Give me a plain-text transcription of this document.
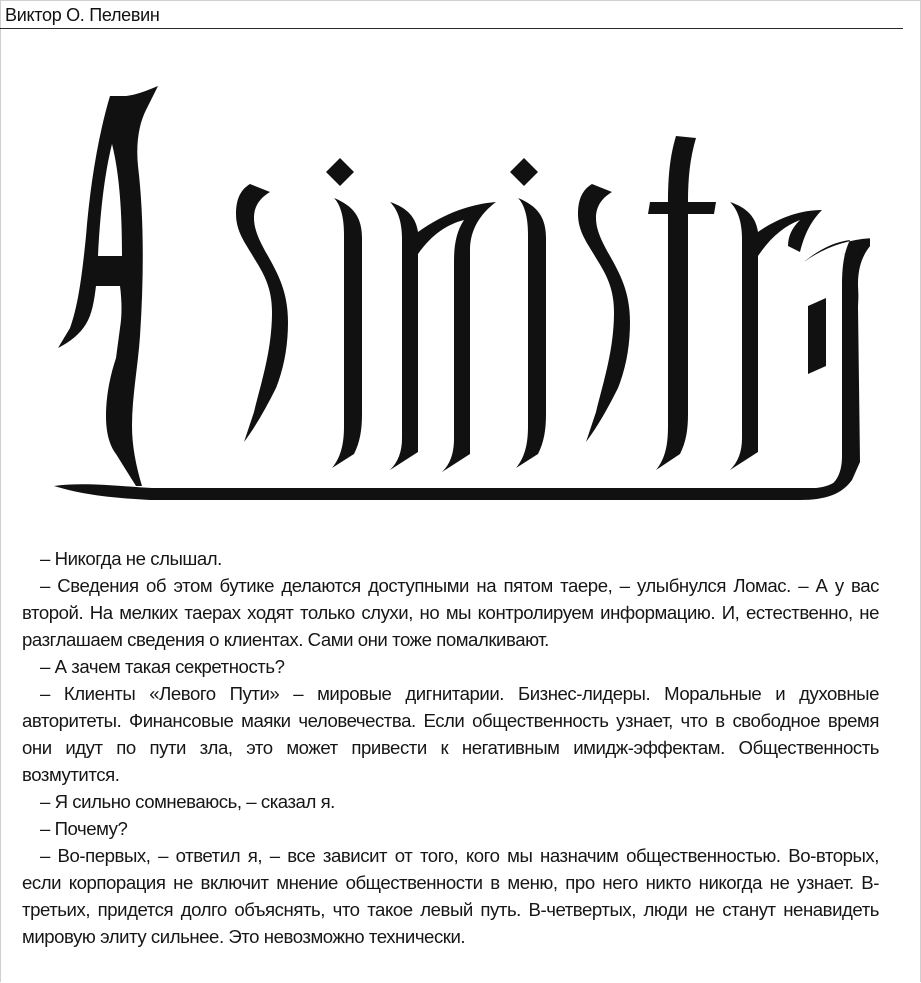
Виктор О. Пелевин

– Никогда не слышал.

– Сведения об этом бутике делаются доступными на пятом таере, – улыбнулся Ломас. – А у вас второй. На мелких таерах ходят только слухи, но мы контролируем информацию. И, естественно, не разглашаем сведения о клиентах. Сами они тоже помалкивают.

– А зачем такая секретность?

– Клиенты «Левого Пути» – мировые дигнитарии. Бизнес-лидеры. Моральные и духовные авторитеты. Финансовые маяки человечества. Если общественность узнает, что в свободное время они идут по пути зла, это может привести к негативным имидж-эффектам. Общественность возмутится.

– Я сильно сомневаюсь, – сказал я.

– Почему?

– Во-первых, – ответил я, – все зависит от того, кого мы назначим общественностью. Во-вторых, если корпорация не включит мнение общественности в меню, про него никто никогда не узнает. В-третьих, придется долго объяснять, что такое левый путь. В-четвертых, люди не станут ненавидеть мировую элиту сильнее. Это невозможно технически.
